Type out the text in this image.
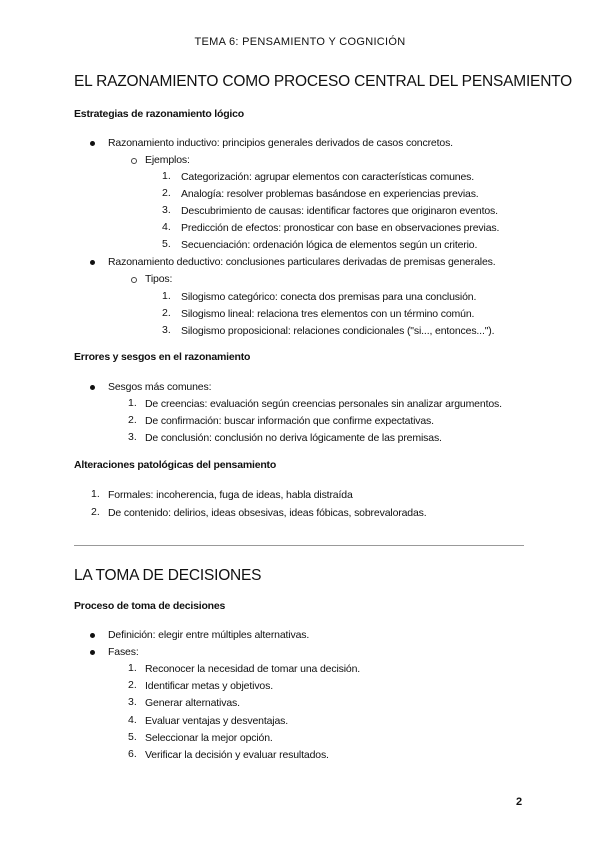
TEMA 6: PENSAMIENTO Y COGNICIÓN
EL RAZONAMIENTO COMO PROCESO CENTRAL DEL PENSAMIENTO
Estrategias de razonamiento lógico
Razonamiento inductivo: principios generales derivados de casos concretos.
Ejemplos:
Razonamiento deductivo: conclusiones particulares derivadas de premisas generales.
Tipos:
Errores y sesgos en el razonamiento
Sesgos más comunes:
Alteraciones patológicas del pensamiento
LA TOMA DE DECISIONES
Proceso de toma de decisiones
Definición: elegir entre múltiples alternativas.
Fases:
2
1. Categorización: agrupar elementos con características comunes.
2. Analogía: resolver problemas basándose en experiencias previas.
3. Descubrimiento de causas: identificar factores que originaron eventos.
4. Predicción de efectos: pronosticar con base en observaciones previas.
5. Secuenciación: ordenación lógica de elementos según un criterio.
1. Silogismo categórico: conecta dos premisas para una conclusión.
2. Silogismo lineal: relaciona tres elementos con un término común.
3. Silogismo proposicional: relaciones condicionales ("si..., entonces...").
1. De creencias: evaluación según creencias personales sin analizar argumentos.
2. De confirmación: buscar información que confirme expectativas.
3. De conclusión: conclusión no deriva lógicamente de las premisas.
1. Formales: incoherencia, fuga de ideas, habla distraída
2. De contenido: delirios, ideas obsesivas, ideas fóbicas, sobrevaloradas.
1. Reconocer la necesidad de tomar una decisión.
2. Identificar metas y objetivos.
3. Generar alternativas.
4. Evaluar ventajas y desventajas.
5. Seleccionar la mejor opción.
6. Verificar la decisión y evaluar resultados.
